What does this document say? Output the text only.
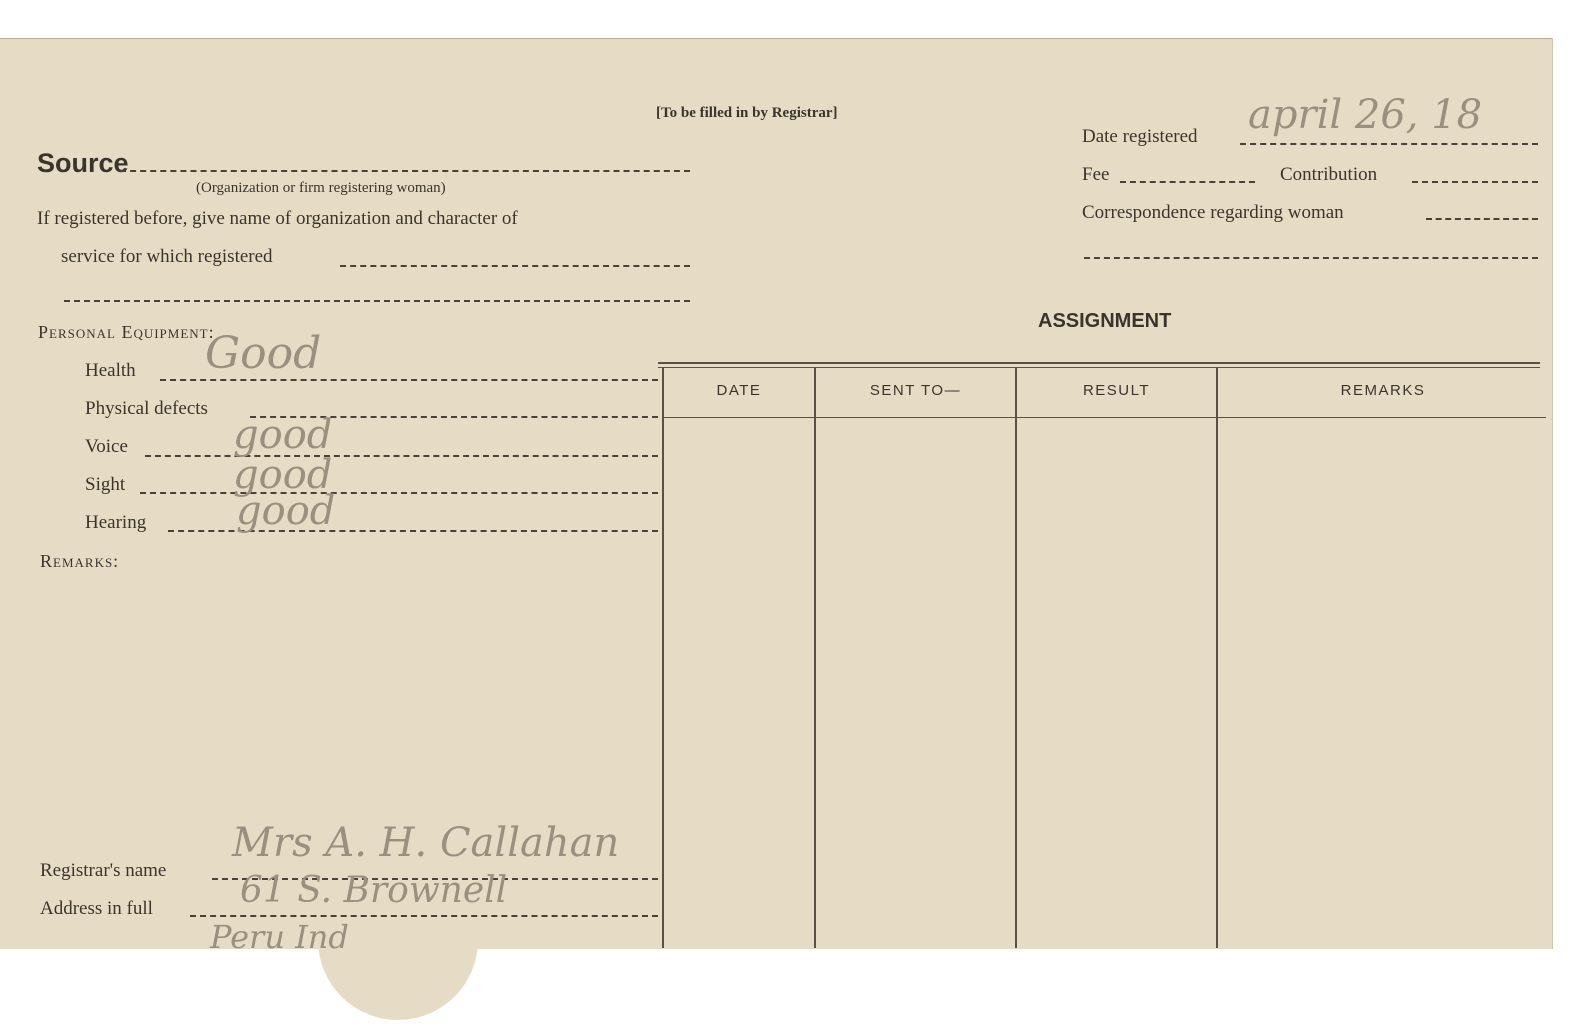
[To be filled in by Registrar]
Source
(Organization or firm registering woman)
If registered before, give name of organization and character of
service for which registered
Personal Equipment:
Health Good
Physical defects
Voice	good
Sight	good
Hearing good
Remarks:
Registrar's name
Mrs A. H. Callahan
Address in full 61 S. Brownell
Peru Ind
Date registered april 26, 18
Fee	Contribution
Correspondence regarding woman
ASSIGNMENT
DATE	SENT TO—	RESULT	REMARKS
